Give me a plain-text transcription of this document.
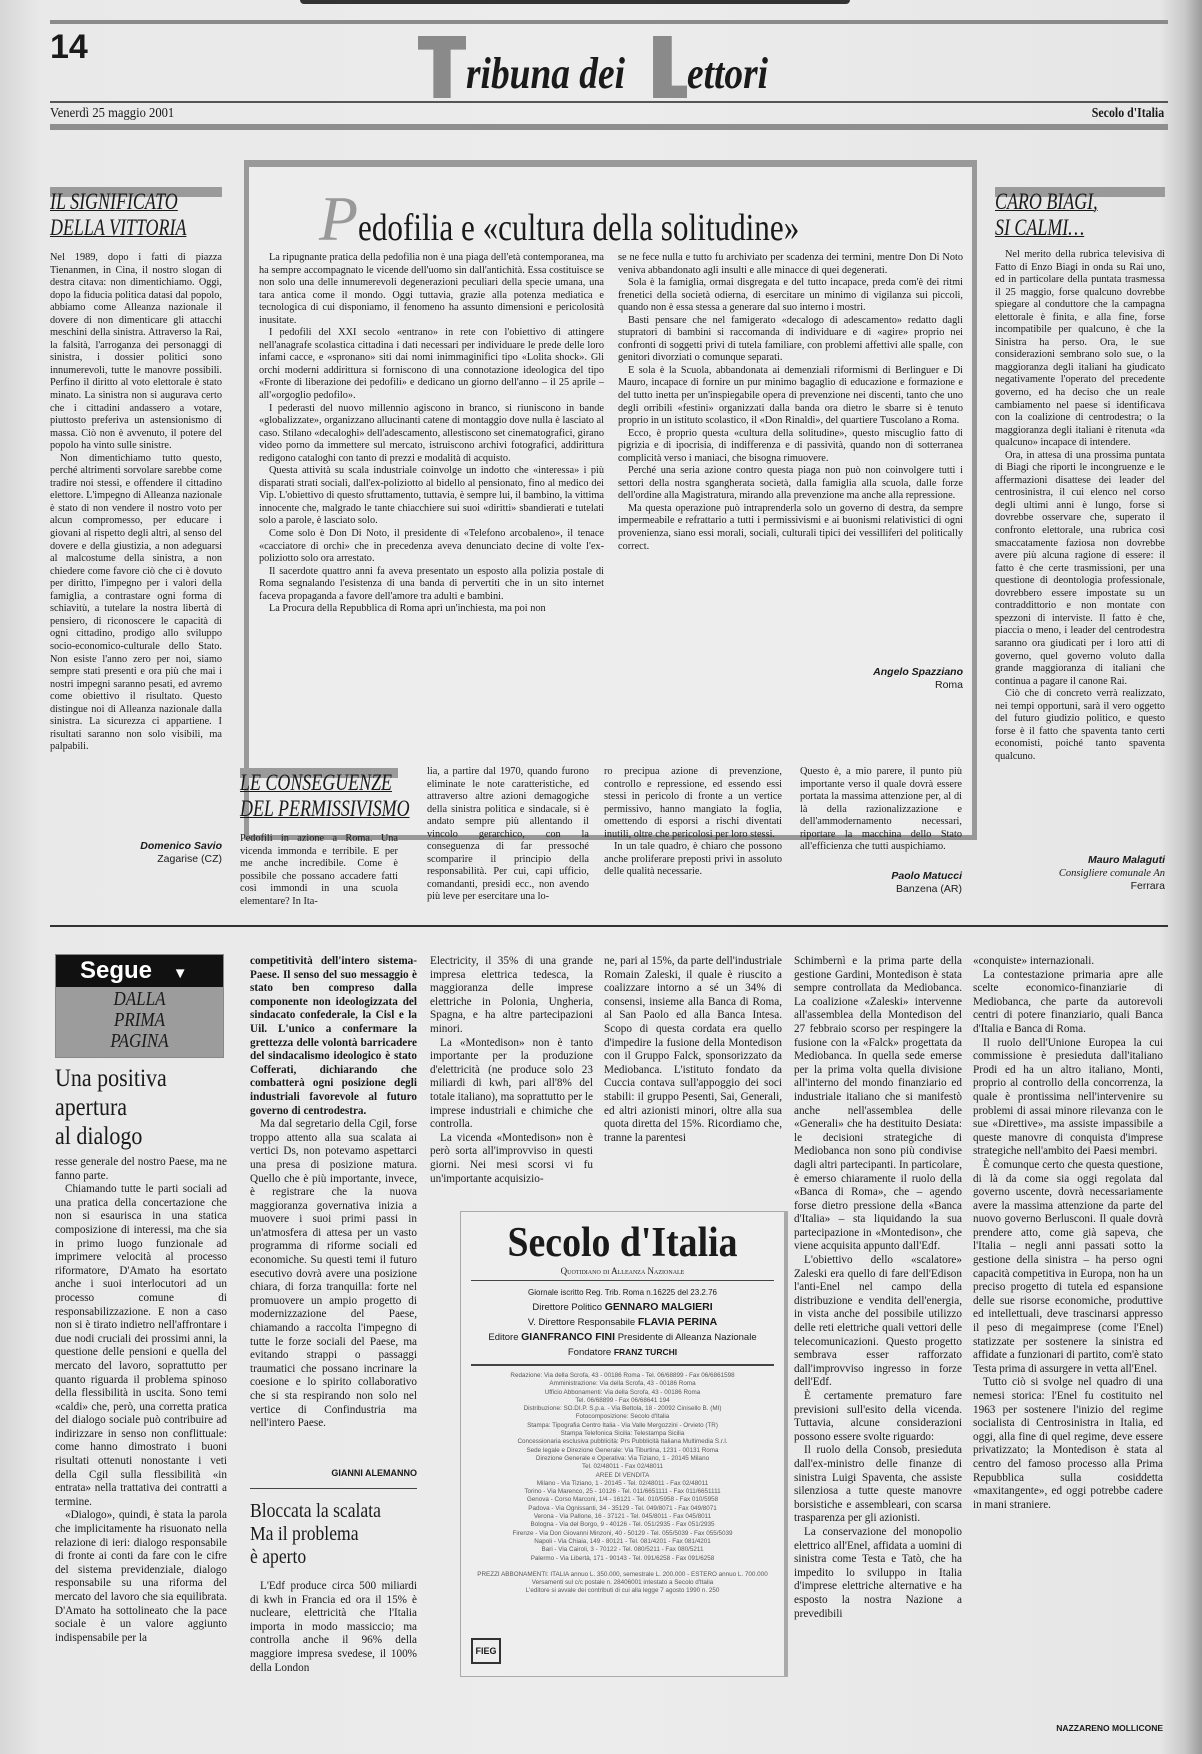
14
ribuna dei ettori
Venerdì 25 maggio 2001	Secolo d'Italia
IL SIGNIFICATO
DELLA VITTORIA

Nel 1989, dopo i fatti di piazza Tienanmen, in Cina, il nostro slogan di destra citava: non dimentichiamo. Oggi, dopo la fiducia politica datasi dal popolo, abbiamo come Alleanza nazionale il dovere di non dimenticare gli attacchi meschini della sinistra. Attraverso la Rai, la falsità, l'arroganza dei personaggi di sinistra, i dossier politici sono innumerevoli, tutte le manovre possibili. Perfino il diritto al voto elettorale è stato minato. La sinistra non si augurava certo che i cittadini andassero a votare, piuttosto preferiva un astensionismo di massa. Ciò non è avvenuto, il potere del popolo ha vinto sulle sinistre.

Non dimentichiamo tutto questo, perché altrimenti sorvolare sarebbe come tradire noi stessi, e offendere il cittadino elettore. L'impegno di Alleanza nazionale è stato di non vendere il nostro voto per alcun compromesso, per educare i giovani al rispetto degli altri, al senso del dovere e della giustizia, a non adeguarsi al malcostume della sinistra, a non chiedere come favore ciò che ci è dovuto per diritto, l'impegno per i valori della famiglia, a contrastare ogni forma di schiavitù, a tutelare la nostra libertà di pensiero, di riconoscere le capacità di ogni cittadino, prodigo allo sviluppo socio-economico-culturale dello Stato. Non esiste l'anno zero per noi, siamo sempre stati presenti e ora più che mai i nostri impegni saranno pesati, ed avremo come obiettivo il risultato. Questo distingue noi di Alleanza nazionale dalla sinistra. La sicurezza ci appartiene. I risultati saranno non solo visibili, ma palpabili.

Domenico Savio
Zagarise (CZ)
P edofilia e «cultura della solitudine»

La ripugnante pratica della pedofilia non è una piaga dell'età contemporanea, ma ha sempre accompagnato le vicende dell'uomo sin dall'antichità. Essa costituisce se non solo una delle innumerevoli degenerazioni peculiari della specie umana, una tara antica come il mondo. Oggi tuttavia, grazie alla potenza mediatica e tecnologica di cui disponiamo, il fenomeno ha assunto dimensioni e pericolosità inusitate.

I pedofili del XXI secolo «entrano» in rete con l'obiettivo di attingere nell'anagrafe scolastica cittadina i dati necessari per individuare le prede delle loro infami cacce, e «spronano» siti dai nomi inimmaginifici tipo «Lolita shock». Gli orchi moderni addirittura si forniscono di una connotazione ideologica del tipo «Fronte di liberazione dei pedofili» e dedicano un giorno dell'anno – il 25 aprile – all'«orgoglio pedofilo».

I pederasti del nuovo millennio agiscono in branco, si riuniscono in bande «globalizzate», organizzano allucinanti catene di montaggio dove nulla è lasciato al caso. Stilano «decaloghi» dell'adescamento, allestiscono set cinematografici, girano video porno da immettere sul mercato, istruiscono archivi fotografici, addirittura redigono cataloghi con tanto di prezzi e modalità di acquisto.

Questa attività su scala industriale coinvolge un indotto che «interessa» i più disparati strati sociali, dall'ex-poliziotto al bidello al pensionato, fino al medico dei Vip. L'obiettivo di questo sfruttamento, tuttavia, è sempre lui, il bambino, la vittima innocente che, malgrado le tante chiacchiere sui suoi «diritti» sbandierati e tutelati solo a parole, è lasciato solo.

Come solo è Don Di Noto, il presidente di «Telefono arcobaleno», il tenace «cacciatore di orchi» che in precedenza aveva denunciato decine di volte l'ex-poliziotto solo ora arrestato.

Il sacerdote quattro anni fa aveva presentato un esposto alla polizia postale di Roma segnalando l'esistenza di una banda di pervertiti che in un sito internet faceva propaganda a favore dell'amore tra adulti e bambini.

La Procura della Repubblica di Roma aprì un'inchiesta, ma poi non

se ne fece nulla e tutto fu archiviato per scadenza dei termini, mentre Don Di Noto veniva abbandonato agli insulti e alle minacce di quei degenerati.

Sola è la famiglia, ormai disgregata e del tutto incapace, preda com'è dei ritmi frenetici della società odierna, di esercitare un minimo di vigilanza sui piccoli, quando non è essa stessa a generare dal suo interno i mostri.

Basti pensare che nel famigerato «decalogo di adescamento» redatto dagli stupratori di bambini si raccomanda di individuare e di «agire» proprio nei confronti di soggetti privi di tutela familiare, con problemi affettivi alle spalle, con genitori divorziati o comunque separati.

E sola è la Scuola, abbandonata ai demenziali riformismi di Berlinguer e Di Mauro, incapace di fornire un pur minimo bagaglio di educazione e formazione e del tutto inetta per un'inspiegabile opera di prevenzione nei discenti, tanto che uno degli orribili «festini» organizzati dalla banda ora dietro le sbarre si è tenuto proprio in un istituto scolastico, il «Don Rinaldi», del quartiere Tuscolano a Roma.

Ecco, è proprio questa «cultura della solitudine», questo miscuglio fatto di pigrizia e di ipocrisia, di indifferenza e di passività, quando non di sotterranea complicità verso i maniaci, che bisogna rimuovere.

Perché una seria azione contro questa piaga non può non coinvolgere tutti i settori della nostra sgangherata società, dalla famiglia alla scuola, dalle forze dell'ordine alla Magistratura, mirando alla prevenzione ma anche alla repressione.

Ma questa operazione può intraprenderla solo un governo di destra, da sempre impermeabile e refrattario a tutti i permissivismi e ai buonismi relativistici di ogni provenienza, siano essi morali, sociali, culturali tipici dei vessilliferi del politically correct.

Angelo Spazziano
Roma
LE CONSEGUENZE
DEL PERMISSIVISMO

Pedofili in azione a Roma. Una vicenda immonda e terribile. E per me anche incredibile. Come è possibile che possano accadere fatti così immondi in una scuola elementare? In Ita-

lia, a partire dal 1970, quando furono eliminate le note caratteristiche, ed attraverso altre azioni demagogiche della sinistra politica e sindacale, si è andato sempre più allentando il vincolo gerarchico, con la conseguenza di far pressoché scomparire il principio della responsabilità. Per cui, capi ufficio, comandanti, presidi ecc., non avendo più leve per esercitare una lo-

ro precipua azione di prevenzione, controllo e repressione, ed essendo essi stessi in pericolo di fronte a un vertice permissivo, hanno mangiato la foglia, omettendo di esporsi a rischi diventati inutili, oltre che pericolosi per loro stessi.

In un tale quadro, è chiaro che possono anche proliferare preposti privi in assoluto delle qualità necessarie.

Questo è, a mio parere, il punto più importante verso il quale dovrà essere portata la massima attenzione per, al di là della razionalizzazione e dell'ammodernamento necessari, riportare la macchina dello Stato all'efficienza che tutti auspichiamo.

Paolo Matucci
Banzena (AR)
CARO BIAGI,
SI CALMI…

Nel merito della rubrica televisiva di Fatto di Enzo Biagi in onda su Rai uno, ed in particolare della puntata trasmessa il 25 maggio, forse qualcuno dovrebbe spiegare al conduttore che la campagna elettorale è finita, e alla fine, forse incompatibile per qualcuno, è che la Sinistra ha perso. Ora, le sue considerazioni sembrano solo sue, o la maggioranza degli italiani ha giudicato negativamente l'operato del precedente governo, ed ha deciso che un reale cambiamento nel paese si identificava con la coalizione di centrodestra; o la maggioranza degli italiani è ritenuta «da qualcuno» incapace di intendere.

Ora, in attesa di una prossima puntata di Biagi che riporti le incongruenze e le affermazioni disattese dei leader del centrosinistra, il cui elenco nel corso degli ultimi anni è lungo, forse si dovrebbe osservare che, superato il confronto elettorale, una rubrica così smaccatamente faziosa non dovrebbe avere più alcuna ragione di essere: il fatto è che certe trasmissioni, per una questione di deontologia professionale, dovrebbero essere impostate su un contraddittorio e non montate con spezzoni di interviste. Il fatto è che, piaccia o meno, i leader del centrodestra saranno ora giudicati per i loro atti di governo, quel governo voluto dalla grande maggioranza di italiani che continua a pagare il canone Rai.

Ciò che di concreto verrà realizzato, nei tempi opportuni, sarà il vero oggetto del futuro giudizio politico, e questo forse è il fatto che spaventa tanto certi economisti, poiché tanto spaventa qualcuno.

Mauro Malaguti
Consigliere comunale An
Ferrara
Segue ▼
DALLA
PRIMA
PAGINA
Una positiva
apertura
al dialogo

resse generale del nostro Paese, ma ne fanno parte.

Chiamando tutte le parti sociali ad una pratica della concertazione che non si esaurisca in una statica composizione di interessi, ma che sia in primo luogo funzionale ad imprimere velocità al processo riformatore, D'Amato ha esortato anche i suoi interlocutori ad un processo comune di responsabilizzazione. E non a caso non si è tirato indietro nell'affrontare i due nodi cruciali dei prossimi anni, la questione delle pensioni e quella del mercato del lavoro, soprattutto per quanto riguarda il problema spinoso della flessibilità in uscita. Sono temi «caldi» che, però, una corretta pratica del dialogo sociale può contribuire ad indirizzare in senso non conflittuale: come hanno dimostrato i buoni risultati ottenuti nonostante i veti della Cgil sulla flessibilità «in entrata» nella trattativa dei contratti a termine.

«Dialogo», quindi, è stata la parola che implicitamente ha risuonato nella relazione di ieri: dialogo responsabile di fronte ai conti da fare con le cifre del sistema previdenziale, dialogo responsabile su una riforma del mercato del lavoro che sia equilibrata. D'Amato ha sottolineato che la pace sociale è un valore aggiunto indispensabile per la

competitività dell'intero sistema-Paese. Il senso del suo messaggio è stato ben compreso dalla componente non ideologizzata del sindacato confederale, la Cisl e la Uil. L'unico a confermare la grettezza delle volontà barricadere del sindacalismo ideologico è stato Cofferati, dichiarando che combatterà ogni posizione degli industriali favorevole al futuro governo di centrodestra.

Ma dal segretario della Cgil, forse troppo attento alla sua scalata ai vertici Ds, non potevamo aspettarci una presa di posizione matura. Quello che è più importante, invece, è registrare che la nuova maggioranza governativa inizia a muovere i suoi primi passi in un'atmosfera di attesa per un vasto programma di riforme sociali ed economiche. Su questi temi il futuro esecutivo dovrà avere una posizione chiara, di forza tranquilla: forte nel promuovere un ampio progetto di modernizzazione del Paese, chiamando a raccolta l'impegno di tutte le forze sociali del Paese, ma evitando strappi o passaggi traumatici che possano incrinare la coesione e lo spirito collaborativo che si sta respirando non solo nel vertice di Confindustria ma nell'intero Paese.

GIANNI ALEMANNO
Bloccata la scalata
Ma il problema
è aperto

L'Edf produce circa 500 miliardi di kwh in Francia ed ora il 15% è nucleare, elettricità che l'Italia importa in modo massiccio; ma controlla anche il 96% della maggiore impresa svedese, il 100% della London

Electricity, il 35% di una grande impresa elettrica tedesca, la maggioranza delle imprese elettriche in Polonia, Ungheria, Spagna, e ha altre partecipazioni minori.

La «Montedison» non è tanto importante per la produzione d'elettricità (ne produce solo 23 miliardi di kwh, pari all'8% del totale italiano), ma soprattutto per le imprese industriali e chimiche che controlla.

La vicenda «Montedison» non è però sorta all'improvviso in questi giorni. Nei mesi scorsi vi fu un'importante acquisizio-

ne, pari al 15%, da parte dell'industriale Romain Zaleski, il quale è riuscito a coalizzare intorno a sé un 34% di consensi, insieme alla Banca di Roma, al San Paolo ed alla Banca Intesa. Scopo di questa cordata era quello d'impedire la fusione della Montedison con il Gruppo Falck, sponsorizzato da Mediobanca. L'istituto fondato da Cuccia contava sull'appoggio dei soci stabili: il gruppo Pesenti, Sai, Generali, ed altri azionisti minori, oltre alla sua quota diretta del 15%. Ricordiamo che, tranne la parentesi

Schimbernì e la prima parte della gestione Gardini, Montedison è stata sempre controllata da Mediobanca. La coalizione «Zaleski» intervenne all'assemblea della Montedison del 27 febbraio scorso per respingere la fusione con la «Falck» progettata da Mediobanca. In quella sede emerse per la prima volta quella divisione all'interno del mondo finanziario ed industriale italiano che si manifestò anche nell'assemblea delle «Generali» che ha destituito Desiata: le decisioni strategiche di Mediobanca non sono più condivise dagli altri partecipanti. In particolare, è emerso chiaramente il ruolo della «Banca di Roma», che – agendo forse dietro pressione della «Banca d'Italia» – sta liquidando la sua partecipazione in «Montedison», che viene acquisita appunto dall'Edf.

L'obiettivo dello «scalatore» Zaleski era quello di fare dell'Edison l'anti-Enel nel campo della distribuzione e vendita dell'energia, in vista anche del possibile utilizzo delle reti elettriche quali vettori delle telecomunicazioni. Questo progetto sembrava esser rafforzato dall'improvviso ingresso in forze dell'Edf.

È certamente prematuro fare previsioni sull'esito della vicenda. Tuttavia, alcune considerazioni possono essere svolte riguardo:

Il ruolo della Consob, presieduta dall'ex-ministro delle finanze di sinistra Luigi Spaventa, che assiste silenziosa a tutte queste manovre borsistiche e assembleari, con scarsa trasparenza per gli azionisti.

La conservazione del monopolio elettrico all'Enel, affidata a uomini di sinistra come Testa e Tatò, che ha impedito lo sviluppo in Italia d'imprese elettriche alternative e ha esposto la nostra Nazione a prevedibili

«conquiste» internazionali.

La contestazione primaria apre alle scelte economico-finanziarie di Mediobanca, che parte da autorevoli centri di potere finanziario, quali Banca d'Italia e Banca di Roma.

Il ruolo dell'Unione Europea la cui commissione è presieduta dall'italiano Prodi ed ha un altro italiano, Monti, proprio al controllo della concorrenza, la quale è prontissima nell'intervenire su problemi di assai minore rilevanza con le sue «Direttive», ma assiste impassibile a queste manovre di conquista d'imprese strategiche nell'ambito dei Paesi membri.

È comunque certo che questa questione, di là da come sia oggi regolata dal governo uscente, dovrà necessariamente avere la massima attenzione da parte del nuovo governo Berlusconi. Il quale dovrà prendere atto, come già sapeva, che l'Italia – negli anni passati sotto la gestione della sinistra – ha perso ogni capacità competitiva in Europa, non ha un preciso progetto di tutela ed espansione delle sue risorse economiche, produttive ed intellettuali, deve trascinarsi appresso il peso di megaimprese (come l'Enel) statizzate per sostenere la sinistra ed affidate a funzionari di partito, com'è stato Testa prima di assurgere in vetta all'Enel.

Tutto ciò si svolge nel quadro di una nemesi storica: l'Enel fu costituito nel 1963 per sostenere l'inizio del regime socialista di Centrosinistra in Italia, ed oggi, alla fine di quel regime, deve essere privatizzato; la Montedison è stata al centro del famoso processo alla Prima Repubblica sulla cosiddetta «maxitangente», ed oggi potrebbe cadere in mani straniere.

NAZZARENO MOLLICONE
Secolo d'Italia
Quotidiano di Alleanza Nazionale
Giornale iscritto Reg. Trib. Roma n.16225 del 23.2.76
Direttore Politico GENNARO MALGIERI
V. Direttore Responsabile FLAVIA PERINA
Editore GIANFRANCO FINI Presidente di Alleanza Nazionale
Fondatore FRANZ TURCHI
Redazione: Via della Scrofa, 43 - 00186 Roma - Tel. 06/68899 - Fax 06/6861598
Amministrazione: Via della Scrofa, 43 - 00186 Roma
Ufficio Abbonamenti: Via della Scrofa, 43 - 00186 Roma
Tel. 06/68899 - Fax 06/68641 194
Distribuzione: SO.DI.P. S.p.a. - Via Bettola, 18 - 20092 Cinisello B. (MI)
Fotocomposizione: Secolo d'Italia
Stampa: Tipografia Centro Italia - Via Valle Mergozzini - Orvieto (TR)
Stampa Telefonica Sicilia: Telestampa Sicilia
Concessionaria esclusiva pubblicità: Prs Pubblicità Italiana Multimedia S.r.l.
Sede legale e Direzione Generale: Via Tiburtina, 1231 - 00131 Roma
Direzione Generale e Operativa: Via Tiziano, 1 - 20145 Milano
Tel. 02/48011 - Fax 02/48011
AREE DI VENDITA
Milano - Via Tiziano, 1 - 20145 - Tel. 02/48011 - Fax 02/48011
Torino - Via Marenco, 25 - 10126 - Tel. 011/6651111 - Fax 011/6651111
Genova - Corso Marconi, 1/4 - 16121 - Tel. 010/5958 - Fax 010/5958
Padova - Via Ognissanti, 34 - 35129 - Tel. 049/8071 - Fax 049/8071
Verona - Via Pallone, 16 - 37121 - Tel. 045/8011 - Fax 045/8011
Bologna - Via del Borgo, 9 - 40126 - Tel. 051/2935 - Fax 051/2935
Firenze - Via Don Giovanni Minzoni, 40 - 50129 - Tel. 055/5039 - Fax 055/5039
Napoli - Via Chiaia, 149 - 80121 - Tel. 081/4201 - Fax 081/4201
Bari - Via Cairoli, 3 - 70122 - Tel. 080/5211 - Fax 080/5211
Palermo - Via Libertà, 171 - 90143 - Tel. 091/6258 - Fax 091/6258
PREZZI ABBONAMENTI: ITALIA annuo L. 350.000, semestrale L. 200.000 - ESTERO annuo L. 700.000
Versamenti sul c/c postale n. 28406001 intestato a Secolo d'Italia
L'editore si avvale dei contributi di cui alla legge 7 agosto 1990 n. 250
FIEG
